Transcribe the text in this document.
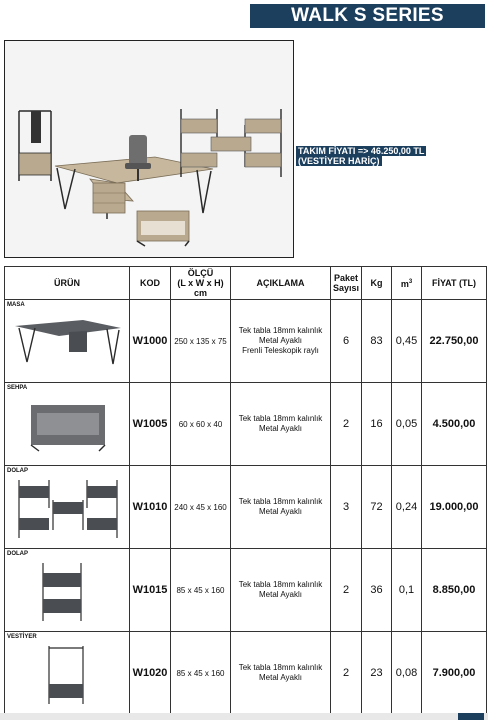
WALK S SERIES
TAKIM FİYATI => 46.250,00 TL
(VESTİYER HARİÇ)
ÜRÜN	KOD	ÖLÇÜ
(L x W x H) cm	AÇIKLAMA	Paket
Sayısı	Kg	$m^3$	FİYAT (TL)

MASA	W1000	250 x 135 x 75	Tek tabla 18mm kalınlık
Metal Ayaklı
Frenli Teleskopik raylı	6	83	0,45	22.750,00

SEHPA	W1005	60 x 60 x 40	Tek tabla 18mm kalınlık
Metal Ayaklı	2	16	0,05	4.500,00

DOLAP	W1010	240 x 45 x 160	Tek tabla 18mm kalınlık
Metal Ayaklı	3	72	0,24	19.000,00

DOLAP	W1015	85 x 45 x 160	Tek tabla 18mm kalınlık
Metal Ayaklı	2	36	0,1	8.850,00

VESTİYER	W1020	85 x 45 x 160	Tek tabla 18mm kalınlık
Metal Ayaklı	2	23	0,08	7.900,00
